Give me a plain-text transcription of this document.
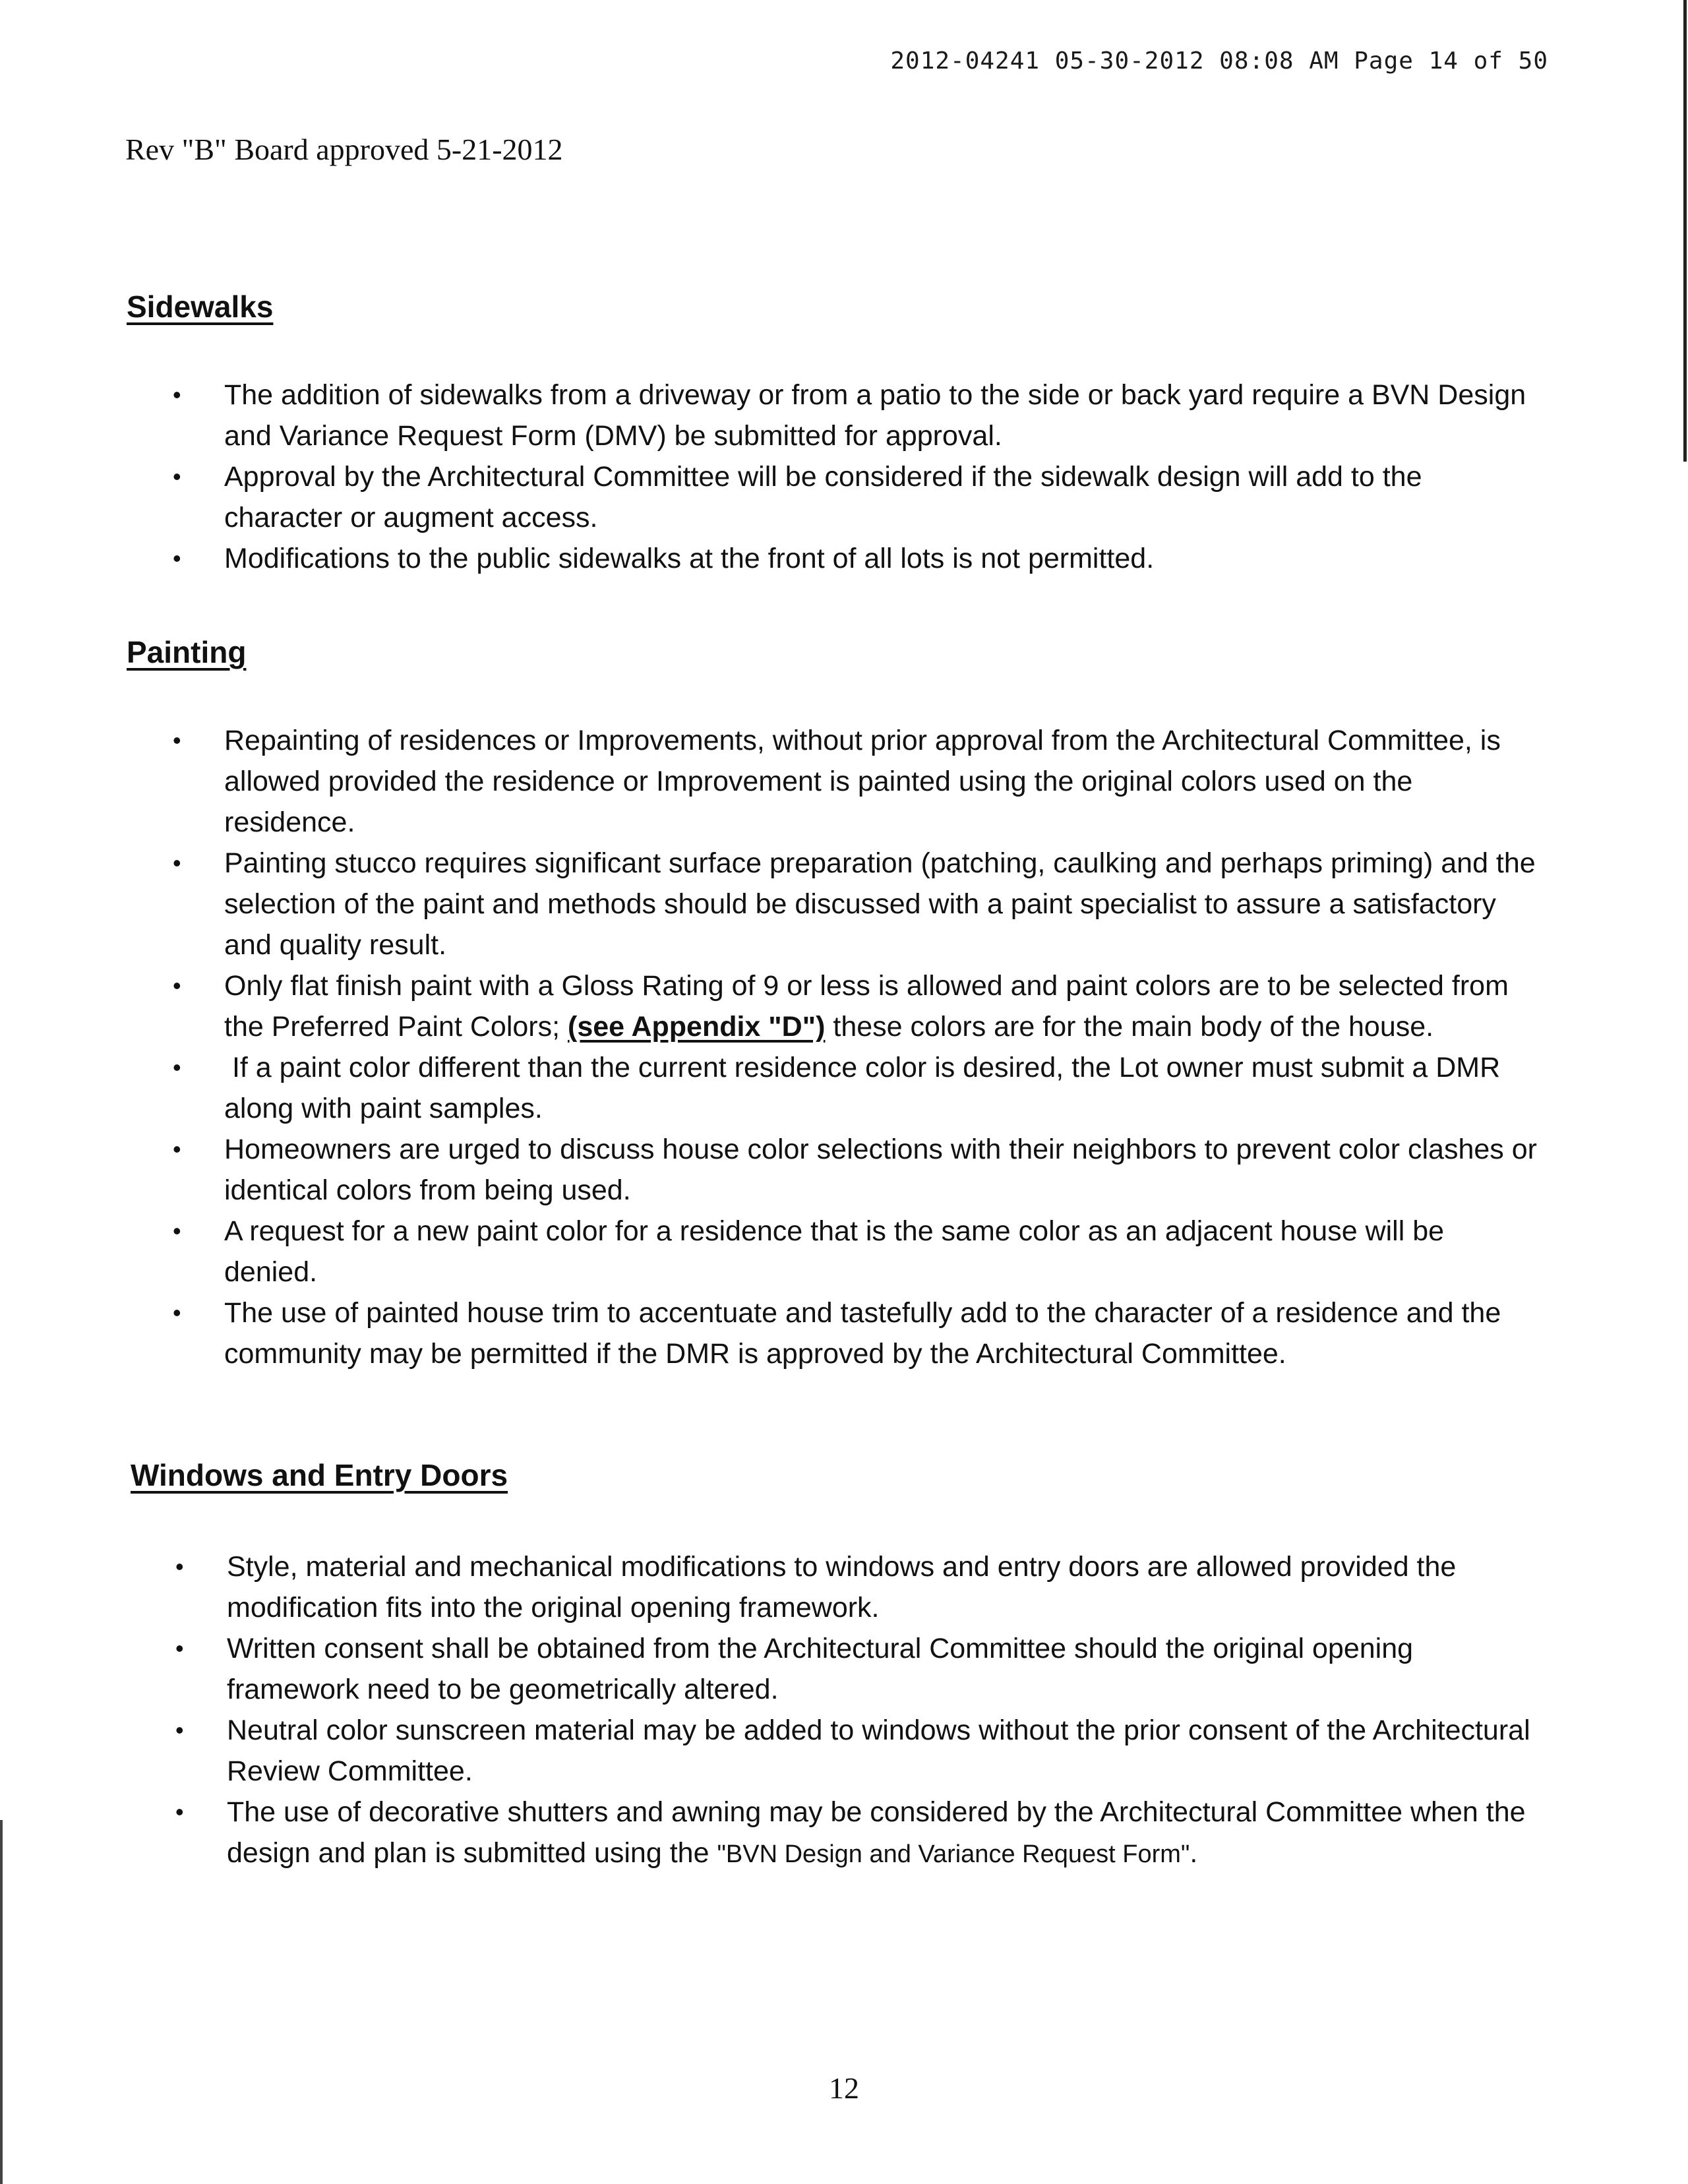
2012-04241 05-30-2012 08:08 AM Page 14 of 50
Rev "B" Board approved 5-21-2012
Sidewalks
• The addition of sidewalks from a driveway or from a patio to the side or back yard require a BVN Design and Variance Request Form (DMV) be submitted for approval.
• Approval by the Architectural Committee will be considered if the sidewalk design will add to the character or augment access.
• Modifications to the public sidewalks at the front of all lots is not permitted.
Painting
• Repainting of residences or Improvements, without prior approval from the Architectural Committee, is allowed provided the residence or Improvement is painted using the original colors used on the residence.
• Painting stucco requires significant surface preparation (patching, caulking and perhaps priming) and the selection of the paint and methods should be discussed with a paint specialist to assure a satisfactory and quality result.
• Only flat finish paint with a Gloss Rating of 9 or less is allowed and paint colors are to be selected from the Preferred Paint Colors; (see Appendix "D") these colors are for the main body of the house.
• If a paint color different than the current residence color is desired, the Lot owner must submit a DMR along with paint samples.
• Homeowners are urged to discuss house color selections with their neighbors to prevent color clashes or identical colors from being used.
• A request for a new paint color for a residence that is the same color as an adjacent house will be denied.
• The use of painted house trim to accentuate and tastefully add to the character of a residence and the community may be permitted if the DMR is approved by the Architectural Committee.
Windows and Entry Doors
• Style, material and mechanical modifications to windows and entry doors are allowed provided the modification fits into the original opening framework.
• Written consent shall be obtained from the Architectural Committee should the original opening framework need to be geometrically altered.
• Neutral color sunscreen material may be added to windows without the prior consent of the Architectural Review Committee.
• The use of decorative shutters and awning may be considered by the Architectural Committee when the design and plan is submitted using the "BVN Design and Variance Request Form".
12
